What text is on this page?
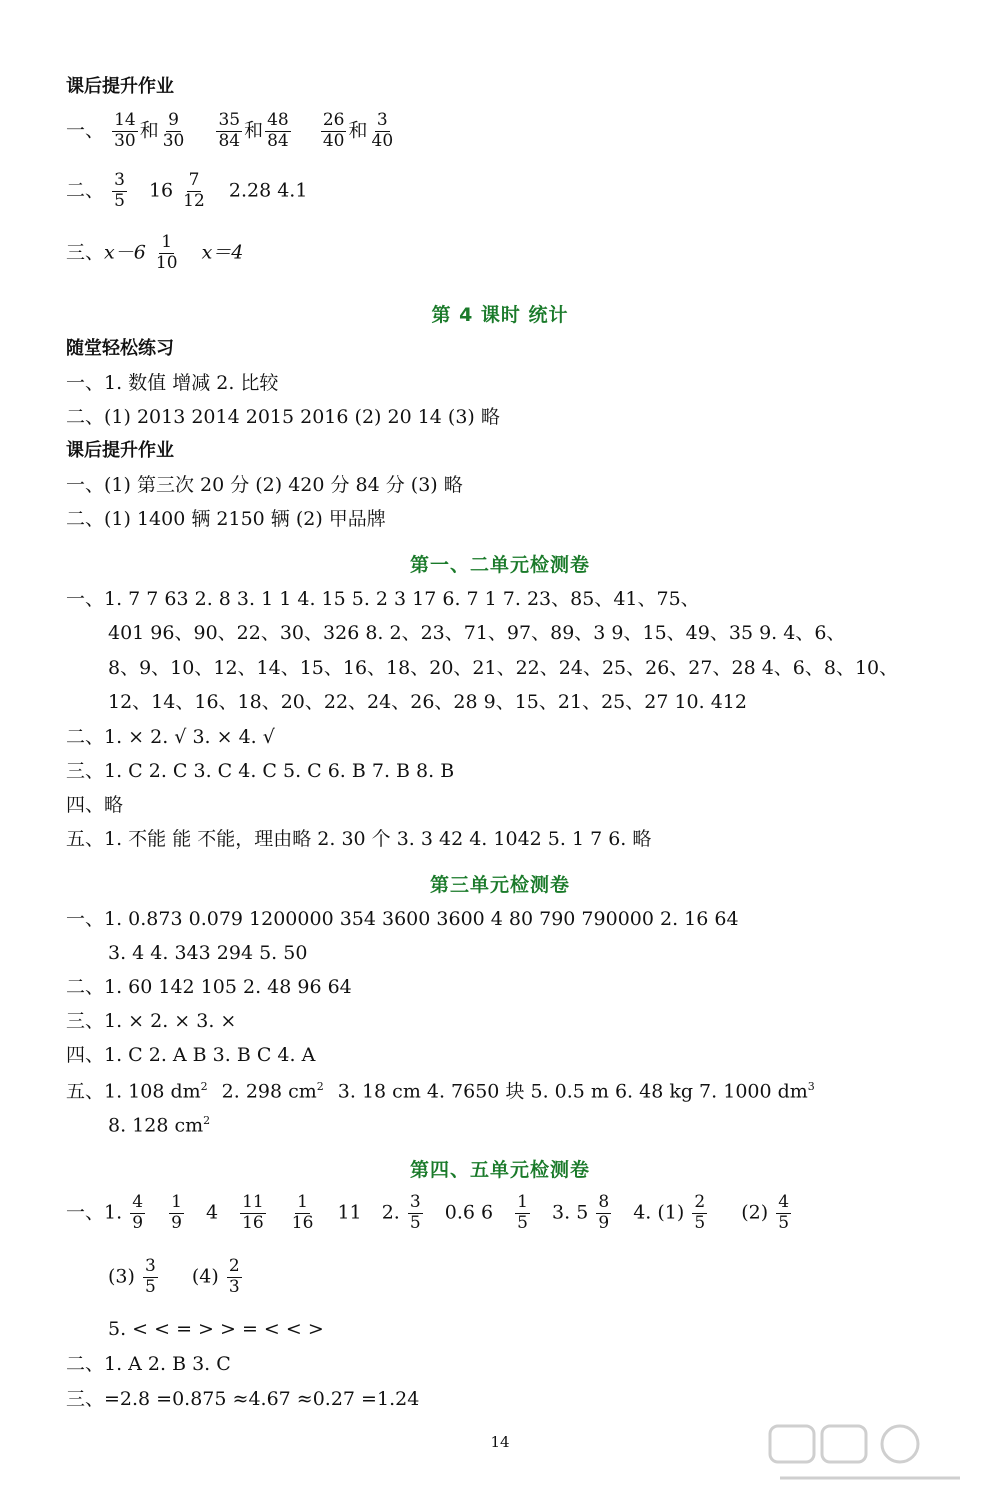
课后提升作业
一、 $\frac{14}{30}$ 和 $\frac{9}{30}$
$\frac{35}{84}$ 和 $\frac{48}{84}$
$\frac{26}{40}$ 和 $\frac{3}{40}$
二、 $\frac{3}{5} 16 \frac{7}{12} 2.28$ 4.1
三、$x-6 \frac{1}{10} x=4$
第 4 课时 统计
随堂轻松练习
一、1. 数值 增减 2. 比较
二、(1) 2013 2014 2015 2016 (2) 20 14 (3) 略
课后提升作业
一、(1) 第三次 20 分 (2) 420 分 84 分 (3) 略
二、(1) 1400 辆 2150 辆 (2) 甲品牌
第一、二单元检测卷
一、1. 7 7 63 2. 8 3. 1 1 4. 15 5. 2 3 17 6. 7 1 7. 23、85、41、75、
401 96、90、22、30、326 8. 2、23、71、97、89、3 9、15、49、35 9. 4、6、
8、9、10、12、14、15、16、18、20、21、22、24、25、26、27、28 4、6、8、10、
12、14、16、18、20、22、24、26、28 9、15、21、25、27 10. 412
二、1. × 2. √ 3. × 4. √
三、1. C 2. C 3. C 4. C 5. C 6. B 7. B 8. B
四、略
五、1. 不能 能 不能，理由略 2. 30 个 3. 3 42 4. 1042 5. 1 7 6. 略
第三单元检测卷
一、1. 0.873 0.079 1200000 354 3600 3600 4 80 790 790000 2. 16 64
3. 4 4. 343 294 5. 50
二、1. 60 142 105 2. 48 96 64
三、1. × 2. × 3. ×
四、1. C 2. A B 3. B C 4. A
五、1. 108 $dm^2$ 2. 298 $cm^2$ 3. 18 cm 4. 7650 块 5. 0.5 m 6. 48 kg 7. 1000 $dm^3$
8. 128 $cm^2$
第四、五单元检测卷
一、1. $\frac{4}{9}$
$\frac{1}{9} 4 \frac{11}{16}$
$\frac{1}{16} 11$ 2. $\frac{3}{5} 0.6$ $6 \frac{1}{5} 3$. $5 \frac{8}{9} 4$. $(1) \frac{2}{5} (2) \frac{4}{5}$
$(3) \frac{3}{5} (4) \frac{2}{3}$
5. < < = > > = < < >
二、1. A 2. B 3. C
三、=2.8 =0.875 ≈4.67 ≈0.27 =1.24
14
